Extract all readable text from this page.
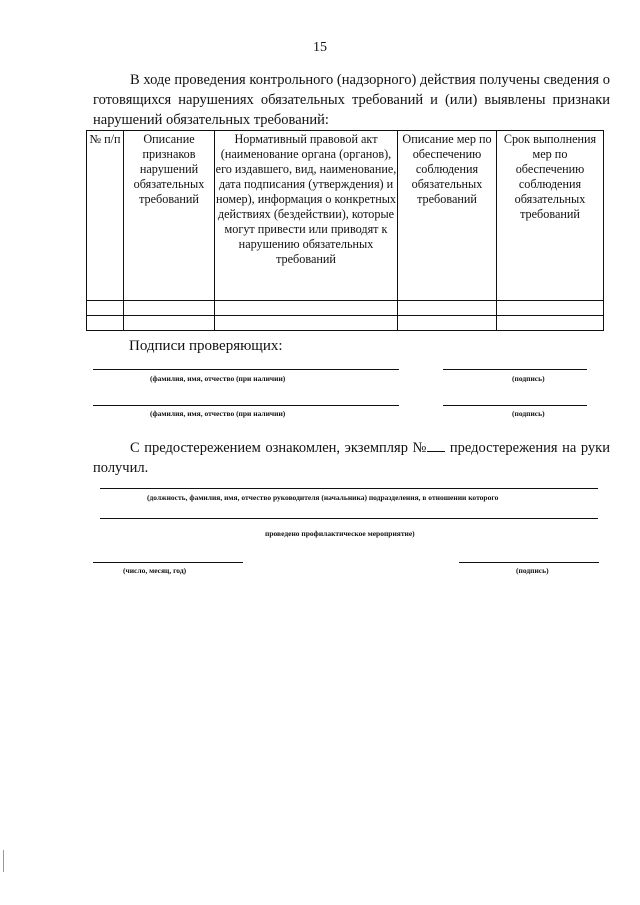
15

В ходе проведения контрольного (надзорного) действия получены сведения о готовящихся нарушениях обязательных требований и (или) выявлены признаки нарушений обязательных требований:

№ п/п	Описание признаков нарушений обязательных требований	Нормативный правовой акт (наименование органа (органов), его издавшего, вид, наименование, дата подписания (утверждения) и номер), информация о конкретных действиях (бездействии), которые могут привести или приводят к нарушению обязательных требований	Описание мер по обеспечению соблюдения обязательных требований	Срок выполнения мер по обеспечению соблюдения обязательных требований

Подписи проверяющих:
(фамилия, имя, отчество (при наличии)	(подпись)
(фамилия, имя, отчество (при наличии)	(подпись)

С предостережением ознакомлен, экземпляр № предостережения на руки получил.

(должность, фамилия, имя, отчество руководителя (начальника) подразделения, в отношении которого
проведено профилактическое мероприятие)
(число, месяц, год)	(подпись)
